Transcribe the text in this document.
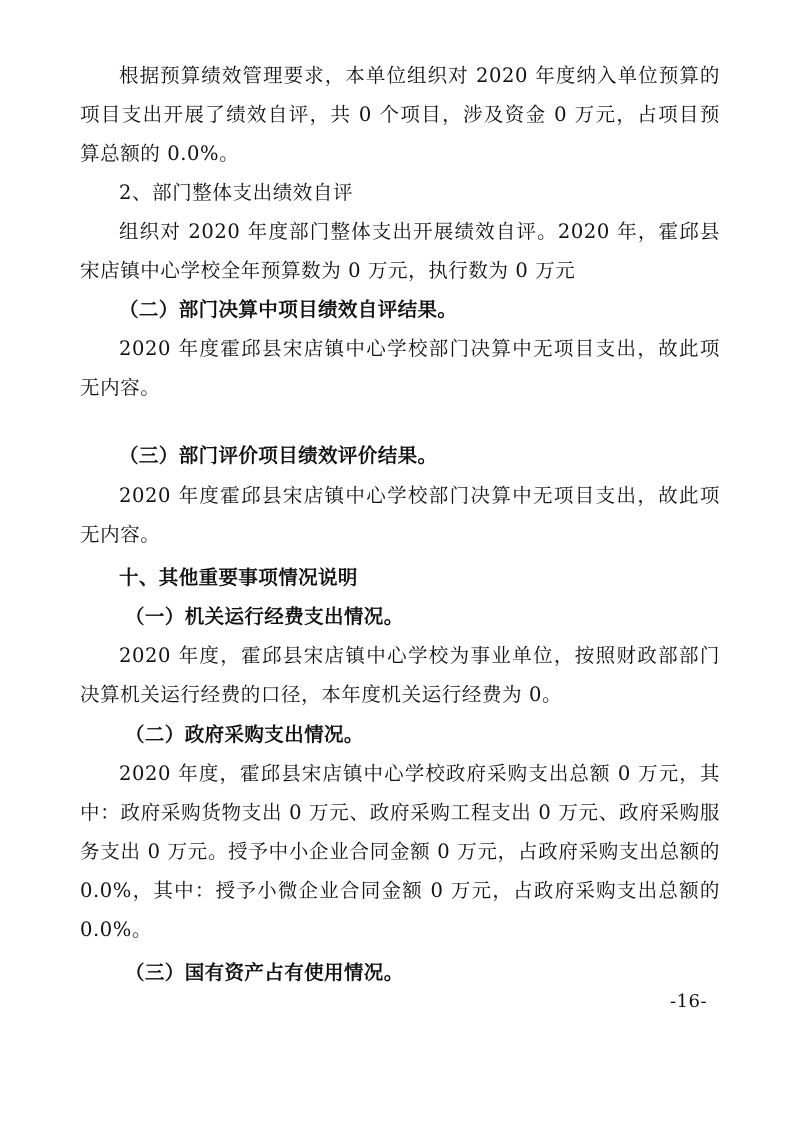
根据预算绩效管理要求，本单位组织对 2020 年度纳入单位预算的
项目支出开展了绩效自评，共 0 个项目，涉及资金 0 万元，占项目预
算总额的 0.0%。
2、部门整体支出绩效自评
组织对 2020 年度部门整体支出开展绩效自评。2020 年，霍邱县
宋店镇中心学校全年预算数为 0 万元，执行数为 0 万元
（二）部门决算中项目绩效自评结果。
2020 年度霍邱县宋店镇中心学校部门决算中无项目支出，故此项
无内容。
（三）部门评价项目绩效评价结果。
2020 年度霍邱县宋店镇中心学校部门决算中无项目支出，故此项
无内容。
十、其他重要事项情况说明
（一）机关运行经费支出情况。
2020 年度，霍邱县宋店镇中心学校为事业单位，按照财政部部门
决算机关运行经费的口径，本年度机关运行经费为 0。
（二）政府采购支出情况。
2020 年度，霍邱县宋店镇中心学校政府采购支出总额 0 万元，其
中：政府采购货物支出 0 万元、政府采购工程支出 0 万元、政府采购服
务支出 0 万元。授予中小企业合同金额 0 万元，占政府采购支出总额的
0.0%，其中：授予小微企业合同金额 0 万元，占政府采购支出总额的
0.0%。
（三）国有资产占有使用情况。
-16-
